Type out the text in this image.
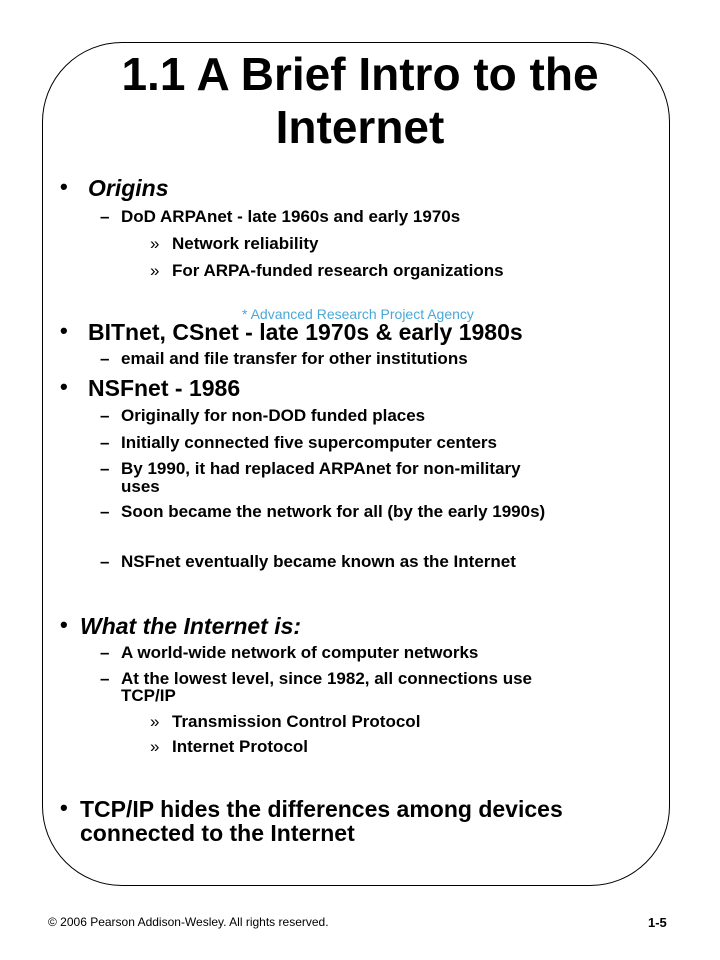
1.1 A Brief Intro to the
Internet
• Origins

– DoD ARPAnet - late 1960s and early 1970s

» Network reliability

» For ARPA-funded research organizations

* Advanced Research Project Agency

• BITnet, CSnet - late 1970s & early 1980s

– email and file transfer for other institutions

• NSFnet - 1986

– Originally for non-DOD funded places

– Initially connected five supercomputer centers

– By 1990, it had replaced ARPAnet for non-military

uses

– Soon became the network for all (by the early 1990s)

– NSFnet eventually became known as the Internet

• What the Internet is:

– A world-wide network of computer networks

– At the lowest level, since 1982, all connections use

TCP/IP

» Transmission Control Protocol

» Internet Protocol

• TCP/IP hides the differences among devices

connected to the Internet

© 2006 Pearson Addison-Wesley. All rights reserved.	1-5
